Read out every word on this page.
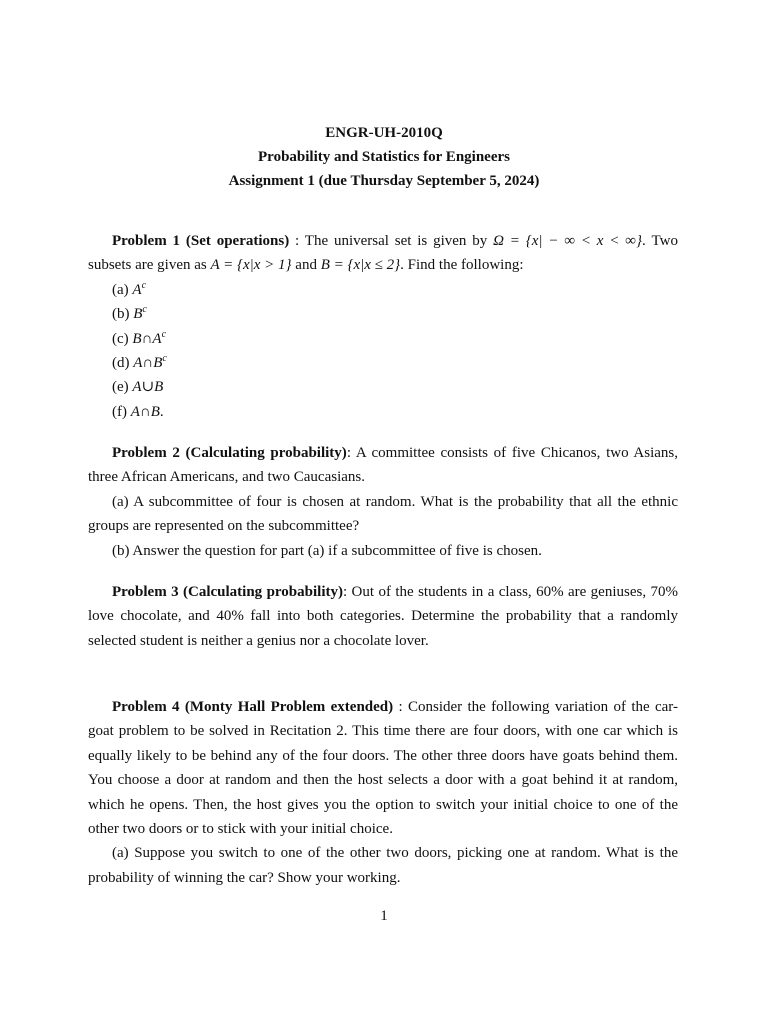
ENGR-UH-2010Q
Probability and Statistics for Engineers
Assignment 1 (due Thursday September 5, 2024)

Problem 1 (Set operations) : The universal set is given by Ω = {x| − ∞ < x < ∞}. Two subsets are given as A = {x|x > 1} and B = {x|x ≤ 2}. Find the following:

(a) $A^c$
(b) $B^c$
(c) $B\cap A^c$
(d) $A\cap B^c$
(e) A∪B
(f) A∩B.

Problem 2 (Calculating probability): A committee consists of five Chicanos, two Asians, three African Americans, and two Caucasians.

(a) A subcommittee of four is chosen at random. What is the probability that all the ethnic groups are represented on the subcommittee?

(b) Answer the question for part (a) if a subcommittee of five is chosen.

Problem 3 (Calculating probability): Out of the students in a class, 60% are geniuses, 70% love chocolate, and 40% fall into both categories. Determine the probability that a randomly selected student is neither a genius nor a chocolate lover.

Problem 4 (Monty Hall Problem extended) : Consider the following variation of the car-goat problem to be solved in Recitation 2. This time there are four doors, with one car which is equally likely to be behind any of the four doors. The other three doors have goats behind them. You choose a door at random and then the host selects a door with a goat behind it at random, which he opens. Then, the host gives you the option to switch your initial choice to one of the other two doors or to stick with your initial choice.

(a) Suppose you switch to one of the other two doors, picking one at random. What is the probability of winning the car? Show your working.

1
